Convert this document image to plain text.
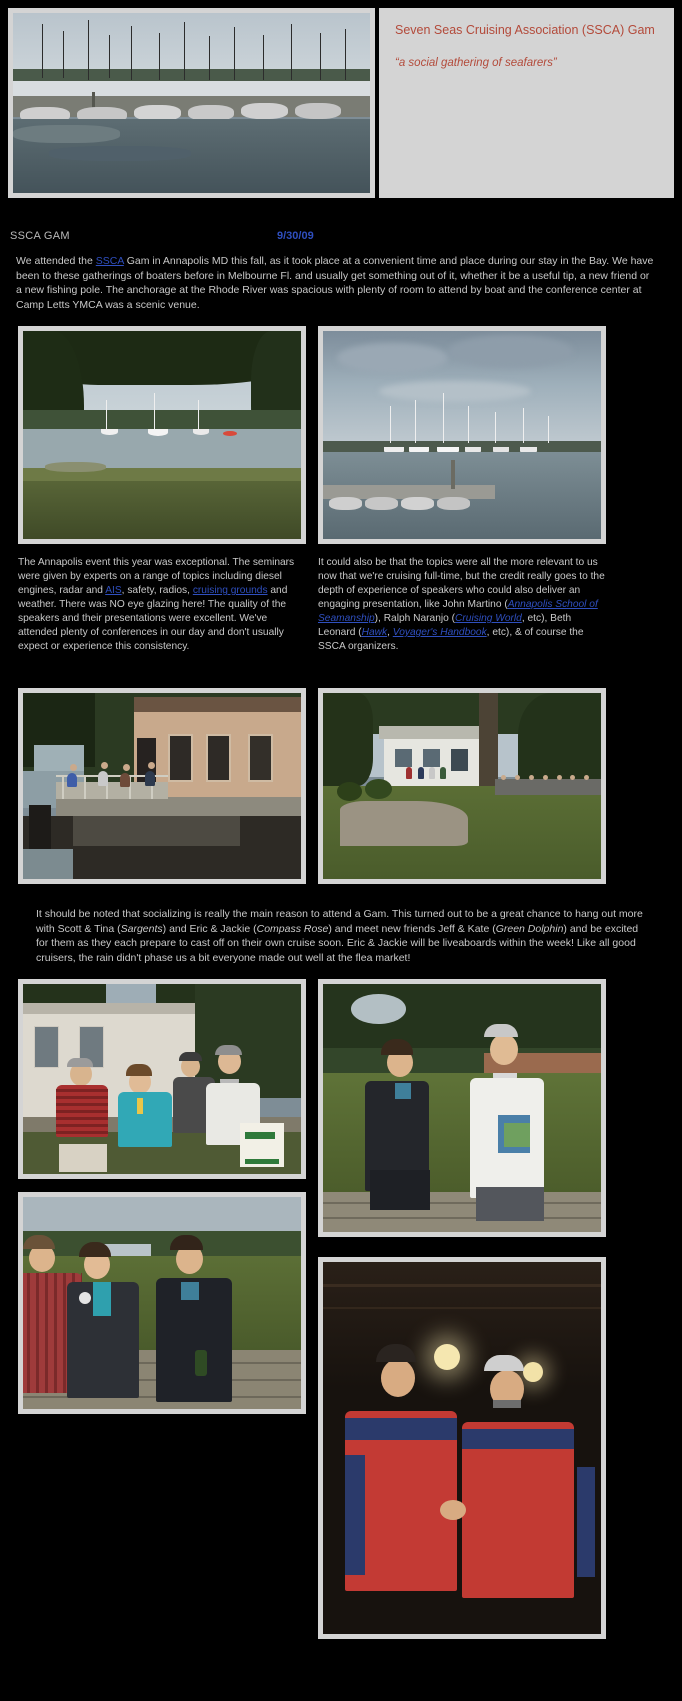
Seven Seas Cruising Association (SSCA) Gam
“a social gathering of seafarers”
SSCA GAM	9/30/09
We attended the SSCA Gam in Annapolis MD this fall, as it took place at a convenient time and place during our stay in the Bay. We have been to these gatherings of boaters before in Melbourne Fl. and usually get something out of it, whether it be a useful tip, a new friend or a new fishing pole. The anchorage at the Rhode River was spacious with plenty of room to attend by boat and the conference center at Camp Letts YMCA was a scenic venue.
The Annapolis event this year was exceptional. The seminars were given by experts on a range of topics including diesel engines, radar and AIS, safety, radios, cruising grounds and weather. There was NO eye glazing here! The quality of the speakers and their presentations were excellent. We've attended plenty of conferences in our day and don't usually expect or experience this consistency.
It could also be that the topics were all the more relevant to us now that we're cruising full-time, but the credit really goes to the depth of experience of speakers who could also deliver an engaging presentation, like John Martino (Annapolis School of Seamanship), Ralph Naranjo (Cruising World, etc), Beth Leonard (Hawk, Voyager's Handbook, etc), & of course the SSCA organizers.
It should be noted that socializing is really the main reason to attend a Gam. This turned out to be a great chance to hang out more with Scott & Tina (Sargents) and Eric & Jackie (Compass Rose) and meet new friends Jeff & Kate (Green Dolphin) and be excited for them as they each prepare to cast off on their own cruise soon. Eric & Jackie will be liveaboards within the week! Like all good cruisers, the rain didn't phase us a bit everyone made out well at the flea market!
